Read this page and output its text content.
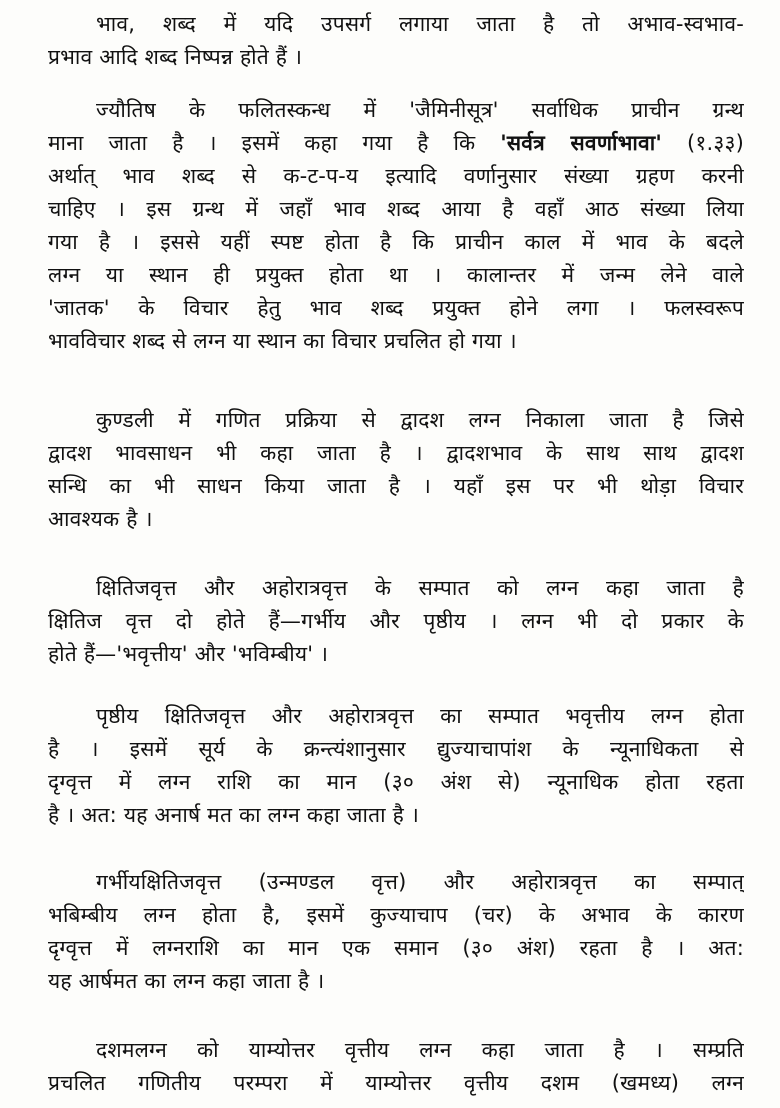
भाव, शब्द में यदि उपसर्ग लगाया जाता है तो अभाव-स्वभाव-
प्रभाव आदि शब्द निष्पन्न होते हैं ।
ज्यौतिष के फलितस्कन्ध में 'जैमिनीसूत्र' सर्वाधिक प्राचीन ग्रन्थ
माना जाता है । इसमें कहा गया है कि 'सर्वत्र सवर्णाभावा' (१.३३)
अर्थात् भाव शब्द से क-ट-प-य इत्यादि वर्णानुसार संख्या ग्रहण करनी
चाहिए । इस ग्रन्थ में जहाँ भाव शब्द आया है वहाँ आठ संख्या लिया
गया है । इससे यहीं स्पष्ट होता है कि प्राचीन काल में भाव के बदले
लग्न या स्थान ही प्रयुक्त होता था । कालान्तर में जन्म लेने वाले
'जातक' के विचार हेतु भाव शब्द प्रयुक्त होने लगा । फलस्वरूप
भावविचार शब्द से लग्न या स्थान का विचार प्रचलित हो गया ।
कुण्डली में गणित प्रक्रिया से द्वादश लग्न निकाला जाता है जिसे
द्वादश भावसाधन भी कहा जाता है । द्वादशभाव के साथ साथ द्वादश
सन्धि का भी साधन किया जाता है । यहाँ इस पर भी थोड़ा विचार
आवश्यक है ।
क्षितिजवृत्त और अहोरात्रवृत्त के सम्पात को लग्न कहा जाता है
क्षितिज वृत्त दो होते हैं—गर्भीय और पृष्ठीय । लग्न भी दो प्रकार के
होते हैं—'भवृत्तीय' और 'भविम्बीय' ।
पृष्ठीय क्षितिजवृत्त और अहोरात्रवृत्त का सम्पात भवृत्तीय लग्न होता
है । इसमें सूर्य के क्रन्त्यंशानुसार द्युज्याचापांश के न्यूनाधिकता से
दृग्वृत्त में लग्न राशि का मान (३० अंश से) न्यूनाधिक होता रहता
है । अत: यह अनार्ष मत का लग्न कहा जाता है ।
गर्भीयक्षितिजवृत्त (उन्मण्डल वृत्त) और अहोरात्रवृत्त का सम्पात्
भबिम्बीय लग्न होता है, इसमें कुज्याचाप (चर) के अभाव के कारण
दृग्वृत्त में लग्नराशि का मान एक समान (३० अंश) रहता है । अत:
यह आर्षमत का लग्न कहा जाता है ।
दशमलग्न को याम्योत्तर वृत्तीय लग्न कहा जाता है । सम्प्रति
प्रचलित गणितीय परम्परा में याम्योत्तर वृत्तीय दशम (खमध्य) लग्न
